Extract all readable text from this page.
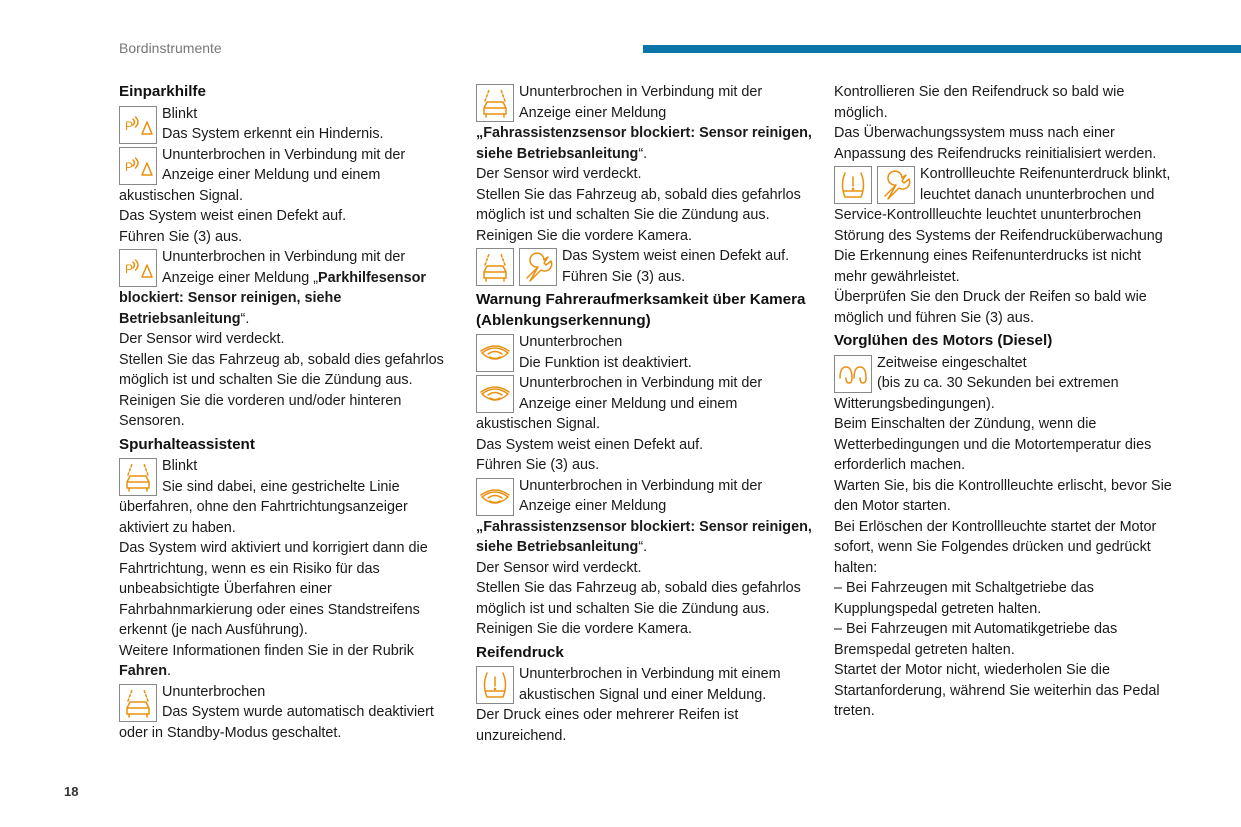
Bordinstrumente
18
Einparkhilfe
P

Blinkt

Das System erkennt ein Hindernis.

P

Ununterbrochen in Verbindung mit der Anzeige einer Meldung und einem akustischen Signal.

Das System weist einen Defekt auf.

Führen Sie (3) aus.

P

Ununterbrochen in Verbindung mit der Anzeige einer Meldung „Parkhilfesensor blockiert: Sensor reinigen, siehe Betriebsanleitung“.

Der Sensor wird verdeckt.

Stellen Sie das Fahrzeug ab, sobald dies gefahrlos möglich ist und schalten Sie die Zündung aus.

Reinigen Sie die vorderen und/oder hinteren Sensoren.

Spurhalteassistent

Blinkt

Sie sind dabei, eine gestrichelte Linie überfahren, ohne den Fahrtrichtungsanzeiger aktiviert zu haben.

Das System wird aktiviert und korrigiert dann die Fahrtrichtung, wenn es ein Risiko für das unbeabsichtigte Überfahren einer Fahrbahnmarkierung oder eines Standstreifens erkennt (je nach Ausführung).

Weitere Informationen finden Sie in der Rubrik Fahren.

Ununterbrochen

Das System wurde automatisch deaktiviert oder in Standby-Modus geschaltet.

Ununterbrochen in Verbindung mit der Anzeige einer Meldung

„Fahrassistenzsensor blockiert: Sensor reinigen, siehe Betriebsanleitung“.

Der Sensor wird verdeckt.

Stellen Sie das Fahrzeug ab, sobald dies gefahrlos möglich ist und schalten Sie die Zündung aus.

Reinigen Sie die vordere Kamera.

Das System weist einen Defekt auf. Führen Sie (3) aus.

Warnung Fahreraufmerksamkeit über Kamera (Ablenkungserkennung)

Ununterbrochen

Die Funktion ist deaktiviert.

Ununterbrochen in Verbindung mit der Anzeige einer Meldung und einem akustischen Signal.

Das System weist einen Defekt auf.

Führen Sie (3) aus.

Ununterbrochen in Verbindung mit der Anzeige einer Meldung

„Fahrassistenzsensor blockiert: Sensor reinigen, siehe Betriebsanleitung“.

Der Sensor wird verdeckt.

Stellen Sie das Fahrzeug ab, sobald dies gefahrlos möglich ist und schalten Sie die Zündung aus.

Reinigen Sie die vordere Kamera.

Reifendruck

Ununterbrochen in Verbindung mit einem akustischen Signal und einer Meldung.

Der Druck eines oder mehrerer Reifen ist unzureichend.

Kontrollieren Sie den Reifendruck so bald wie möglich.

Das Überwachungssystem muss nach einer Anpassung des Reifendrucks reinitialisiert werden.

Kontrollleuchte Reifenunterdruck blinkt, leuchtet danach ununterbrochen und Service-Kontrollleuchte leuchtet ununterbrochen

Störung des Systems der Reifendrucküberwachung

Die Erkennung eines Reifenunterdrucks ist nicht mehr gewährleistet.

Überprüfen Sie den Druck der Reifen so bald wie möglich und führen Sie (3) aus.

Vorglühen des Motors (Diesel)

Zeitweise eingeschaltet

(bis zu ca. 30 Sekunden bei extremen Witterungsbedingungen).

Beim Einschalten der Zündung, wenn die Wetterbedingungen und die Motortemperatur dies erforderlich machen.

Warten Sie, bis die Kontrollleuchte erlischt, bevor Sie den Motor starten.

Bei Erlöschen der Kontrollleuchte startet der Motor sofort, wenn Sie Folgendes drücken und gedrückt halten:

– Bei Fahrzeugen mit Schaltgetriebe das Kupplungspedal getreten halten.

– Bei Fahrzeugen mit Automatikgetriebe das Bremspedal getreten halten.

Startet der Motor nicht, wiederholen Sie die Startanforderung, während Sie weiterhin das Pedal treten.
